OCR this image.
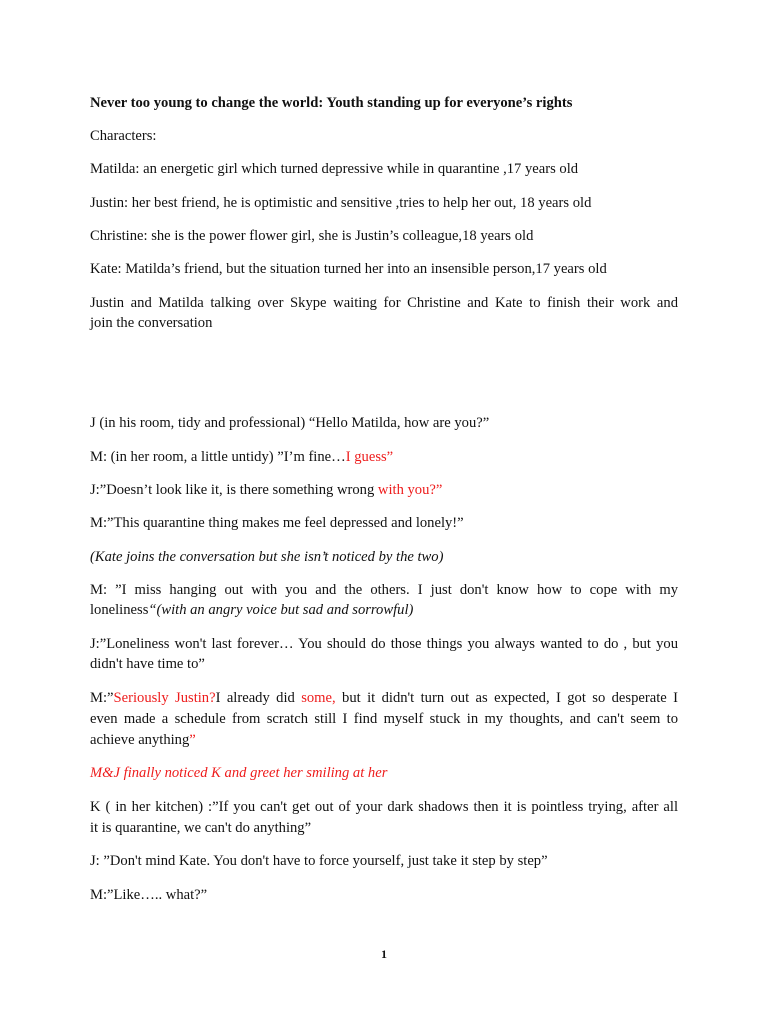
Never too young to change the world: Youth standing up for everyone’s rights
Characters:
Matilda: an energetic girl which turned depressive while in quarantine ,17 years old
Justin: her best friend, he is optimistic and sensitive ,tries to help her out, 18 years old
Christine: she is the power flower girl, she is Justin’s colleague,18 years old
Kate: Matilda’s friend, but the situation turned her into an insensible person,17 years old
Justin and Matilda talking over Skype waiting for Christine and Kate to finish their work and
join the conversation
J (in his room, tidy and professional) “Hello Matilda, how are you?”
M: (in her room, a little untidy) ”I’m fine…I guess”
J:”Doesn’t look like it, is there something wrong with you?”
M:”This quarantine thing makes me feel depressed and lonely!”
(Kate joins the conversation but she isn’t noticed by the two)
M: ”I miss hanging out with you and the others. I just don't know how to cope with my
loneliness“(with an angry voice but sad and sorrowful)
J:”Loneliness won't last forever… You should do those things you always wanted to do , but you
didn't have time to”
M:”Seriously Justin?I already did some, but it didn't turn out as expected, I got so desperate I
even made a schedule from scratch still I find myself stuck in my thoughts, and can't seem to
achieve anything”
M&J finally noticed K and greet her smiling at her
K ( in her kitchen) :”If you can't get out of your dark shadows then it is pointless trying, after all
it is quarantine, we can't do anything”
J: ”Don't mind Kate. You don't have to force yourself, just take it step by step”
M:”Like….. what?”
1
